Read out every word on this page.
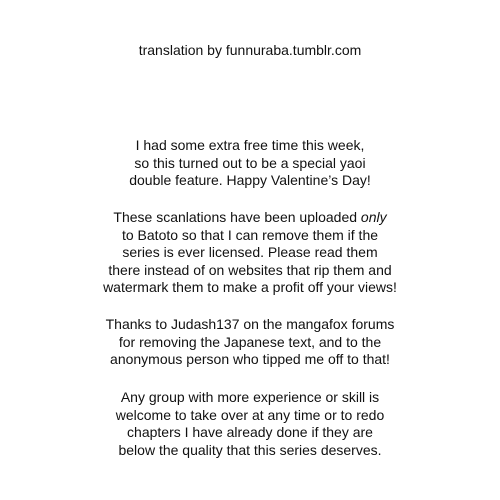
translation by funnuraba.tumblr.com
I had some extra free time this week,
so this turned out to be a special yaoi
double feature. Happy Valentine’s Day!
These scanlations have been uploaded only
to Batoto so that I can remove them if the
series is ever licensed. Please read them
there instead of on websites that rip them and
watermark them to make a profit off your views!
Thanks to Judash137 on the mangafox forums
for removing the Japanese text, and to the
anonymous person who tipped me off to that!
Any group with more experience or skill is
welcome to take over at any time or to redo
chapters I have already done if they are
below the quality that this series deserves.
